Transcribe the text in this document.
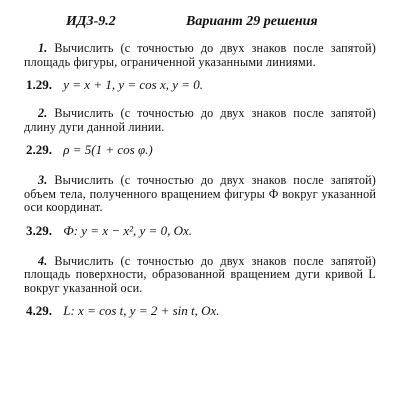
ИДЗ-9.2	Вариант 29 решения
1. Вычислить (с точностью до двух знаков после запятой) площадь фигуры, ограниченной указанными линиями.
1.29. y = x + 1, y = cos x, y = 0.
2. Вычислить (с точностью до двух знаков после запятой) длину дуги данной линии.
2.29. ρ = 5(1 + cos φ.)
3. Вычислить (с точностью до двух знаков после запятой) объем тела, полученного вращением фигуры Ф вокруг указанной оси координат.
3.29. Ф: y = x − x², y = 0, Ox.
4. Вычислить (с точностью до двух знаков после запятой) площадь поверхности, образованной вращением дуги кривой L вокруг указанной оси.
4.29. L: x = cos t, y = 2 + sin t, Ox.
